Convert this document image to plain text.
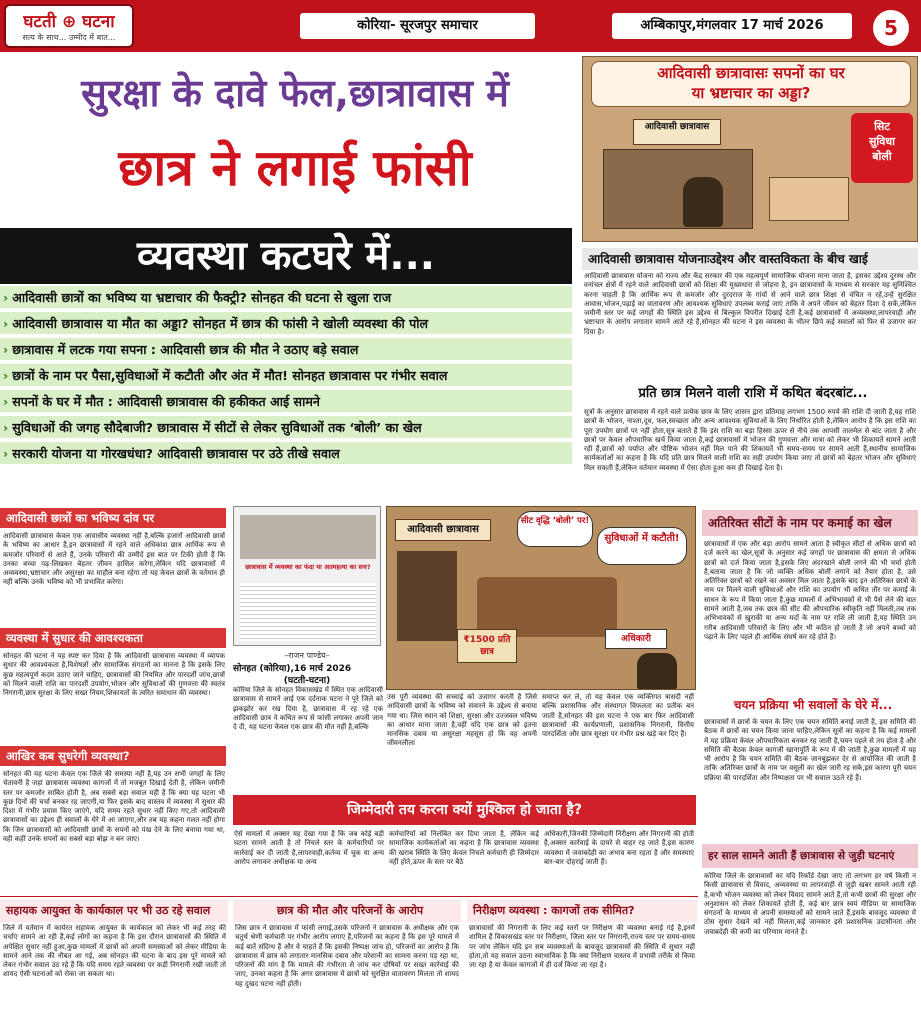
घटती ⊕ घटना
सत्य के साथ... उम्मीद में बात...
कोरिया- सूरजपुर समाचार	अम्बिकापुर,मंगलवार 17 मार्च 2026	5
सुरक्षा के दावे फेल,छात्रावास में
छात्र ने लगाई फांसी
व्यवस्था कटघरे में...
› आदिवासी छात्रों का भविष्य या भ्रष्टाचार की फैक्ट्री? सोनहत की घटना से खुला राज
› आदिवासी छात्रावास या मौत का अड्डा? सोनहत में छात्र की फांसी ने खोली व्यवस्था की पोल
› छात्रावास में लटक गया सपना : आदिवासी छात्र की मौत ने उठाए बड़े सवाल
› छात्रों के नाम पर पैसा,सुविधाओं में कटौती और अंत में मौत! सोनहत छात्रावास पर गंभीर सवाल
› सपनों के घर में मौत : आदिवासी छात्रावास की हकीकत आई सामने
› सुविधाओं की जगह सौदेबाजी? छात्रावास में सीटों से लेकर सुविधाओं तक ‘बोली’ का खेल
› सरकारी योजना या गोरखधंधा? आदिवासी छात्रावास पर उठे तीखे सवाल
आदिवासी छात्रावासः सपनों का घर
या भ्रष्टाचार का अड्डा?
आदिवासी छात्रावास	सिट
सुविधा
बोली
आदिवासी छात्रावास योजनाःउद्देश्य और वास्तविकता के बीच खाई
आदिवासी छात्रावास योजना को राज्य और केंद्र सरकार की एक महत्वपूर्ण सामाजिक योजना माना जाता है, इसका उद्देश्य दुरस्थ और वनांचल क्षेत्रों में रहने वाले आदिवासी छात्रों को शिक्षा की मुख्यधारा से जोड़ना है, इन छात्रावासों के माध्यम से सरकार यह सुनिश्चित करना चाहती है कि आर्थिक रूप से कमजोर और दुरदराज के गांवों से आने वाले छात्र शिक्षा से वंचित न रहें,उन्हें सुरक्षित आवास,भोजन,पढ़ाई का वातावरण और आवश्यक सुविधाएं उपलब्ध कराई जाएं ताकि वे अपने जीवन को बेहतर दिशा दे सकें,लेकिन जमीनी स्तर पर कई जगहों की स्थिति इस उद्देश्य से बिल्कुल विपरीत दिखाई देती है,कई छात्रावासों में अव्यवस्था,लापरवाही और भ्रष्टाचार के आरोप लगातार सामने आते रहे हैं,सोनहत की घटना ने इस व्यवस्था के भीतर छिपे कई सवालों को फिर से उजागर कर दिया है।
प्रति छात्र मिलने वाली राशि में कथित बंदरबांट...
सूत्रों के अनुसार छात्रावास में रहने वाले प्रत्येक छात्र के लिए शासन द्वारा प्रतिमाह लगभग 1500 रुपये की राशि दी जाती है,यह राशि छात्रों के भोजन, नाश्ता,दूध, फल,स्वच्छता और अन्य आवश्यक सुविधाओं के लिए निर्धारित होती है,लेकिन आरोप है कि इस राशि का पूरा उपयोग छात्रों पर नहीं होता,सूत्र बताते हैं कि इस राशि का बड़ा हिस्सा ऊपर से नीचे तक आपसी तालमेल से बांट जाता है और छात्रों पर केवल औपचारिक खर्च किया जाता है,कई छात्रावासों में भोजन की गुणवत्ता और मात्रा को लेकर भी शिकायतें सामने आती रही हैं,छात्रों को पर्याप्त और पौष्टिक भोजन नहीं मिल पाने की शिकायतें भी समय-समय पर सामने आती हैं,स्थानीय सामाजिक कार्यकर्ताओं का कहना है कि यदि प्रति छात्र मिलने वाली राशि का सही उपयोग किया जाए तो छात्रों को बेहतर भोजन और सुविधाएं मिल सकती हैं,लेकिन वर्तमान व्यवस्था में ऐसा होता हुआ कम ही दिखाई देता है।
आदिवासी छात्रों का भविष्य दांव पर
आदिवासी छात्रावास केवल एक आवासीय व्यवस्था नहीं है,बल्कि हजारों आदिवासी छात्रों के भविष्य का आधार है,इन छात्रावासों में रहने वाले अधिकांश छात्र आर्थिक रूप से कमजोर परिवारों से आते हैं, उनके परिवारों की उम्मीदें इस बात पर टिकी होती हैं कि उनका बच्चा पढ़-लिखकर बेहतर जीवन हासिल करेगा,लेकिन यदि छात्रावासों में अव्यवस्था,भ्रष्टाचार और असुरक्षा का माहौल बना रहेगा तो यह केवल छात्रों के वर्तमान ही नहीं बल्कि उनके भविष्य को भी प्रभावित करेगा।
व्यवस्था में सुधार की आवश्यकता
सोनहत की घटना ने यह स्पष्ट कर दिया है कि आदिवासी छात्रावास व्यवस्था में व्यापक सुधार की आवश्यकता है,विशेषज्ञों और सामाजिक संगठनों का मानना है कि इसके लिए कुछ महत्वपूर्ण कदम उठाए जाने चाहिए, छात्रावासों की नियमित और पारदर्शी जांच,छात्रों को मिलने वाली राशि का पारदर्शी उपयोग,भोजन और सुविधाओं की गुणवत्ता की स्वतंत्र निगरानी,छात्र सुरक्षा के लिए सख्त नियम,शिकायतों के त्वरित समाधान की व्यवस्था।
आखिर कब सुधरेगी व्यवस्था?
सोनहत की यह घटना केवल एक जिले की समस्या नहीं है,यह उन सभी जगहों के लिए चेतावनी है जहां छात्रावास व्यवस्था कागजों में तो मजबूत दिखाई देती है, लेकिन जमीनी स्तर पर कमजोर साबित होती है, अब सबसे बड़ा सवाल यही है कि क्या यह घटना भी कुछ दिनों की चर्चा बनकर रह जाएगी,या फिर इसके बाद वास्तव में व्यवस्था में सुधार की दिशा में गंभीर प्रयास किए जाएंगे, यदि समय रहते सुधार नहीं किए गए,तो आदिवासी छात्रावासों का उद्देश्य ही सवालों के घेरे में आ जाएगा,और तब यह कहना गलत नहीं होगा कि जिन छात्रावासों को आदिवासी छात्रों के सपनों को पंख देने के लिए बनाया गया था, वही कहीं उनके सपनों का सबसे बड़ा बोझ न बन जाए।
छात्रावास में व्यवस्था का फंदा या आत्महत्या का सच?
–राजन पाण्डेय–
सोनहत (कोरिया),16 मार्च 2026
(घटती-घटना)
कोरिया जिले के सोनहत विकासखंड में स्थित एक आदिवासी छात्रावास से सामने आई एक दर्दनाक घटना ने पूरे जिले को झकझोर कर रख दिया है, छात्रावास में रह रहे एक आदिवासी छात्र ने कथित रूप से फांसी लगाकर अपनी जान दे दी, यह घटना केवल एक छात्र की मौत नहीं है,बल्कि
आदिवासी छात्रावास
सीट वृद्धि ‘बोली’ पर!
सुविधाओं में कटौती!
₹1500 प्रति छात्र
अधिकारी
उस पूरी व्यवस्था की सच्चाई को उजागर करती है जिसे आदिवासी छात्रों के भविष्य को संवारने के उद्देश्य से बनाया गया था। जिस स्थान को शिक्षा, सुरक्षा और उज्जवल भविष्य का आधार माना जाता है,वहीं यदि एक छात्र को इतना मानसिक दबाव या असुरक्षा महसूस हो कि वह अपनी जीवनलीला
समाप्त कर ले, तो यह केवल एक व्यक्तिगत त्रासदी नहीं बल्कि प्रशासनिक और संस्थागत विफलता का प्रतीक बन जाती है,सोनहत की इस घटना ने एक बार फिर आदिवासी छात्रावासों की कार्यप्रणाली, प्रशासनिक निगरानी, वित्तीय पारदर्शिता और छात्र सुरक्षा पर गंभीर प्रश्न खड़े कर दिए हैं।
जिम्मेदारी तय करना क्यों मुश्किल हो जाता है?
ऐसे मामलों में अक्सर यह देखा गया है कि जब कोई बड़ी घटना सामने आती है तो निचले स्तर के कर्मचारियों पर कार्रवाई कर दी जाती है,लापरवाही,कर्तव्य में चूक या अन्य आरोप लगाकर अधीक्षक या अन्य
कर्मचारियों को निलंबित कर दिया जाता है, लेकिन कई सामाजिक कार्यकर्ताओं का कहना है कि छात्रावास व्यवस्था की खराब स्थिति के लिए केवल निचले कर्मचारी ही जिम्मेदार नहीं होते,ऊपर के स्तर पर बैठे
अधिकारी,जिनकी जिम्मेदारी निरीक्षण और निगरानी की होती है,अक्सर कार्रवाई के दायरे से बाहर रह जाते हैं,इस कारण व्यवस्था में जवाबदेही का अभाव बना रहता है और समस्याएं बार-बार दोहराई जाती हैं।
अतिरिक्त सीटों के नाम पर कमाई का खेल
छात्रावासों में एक और बड़ा आरोप सामने आता है स्वीकृत सीटों से अधिक छात्रों को दर्ज करने का खेल,सूत्रों के अनुसार कई जगहों पर छात्रावास की क्षमता से अधिक छात्रों को दर्ज किया जाता है,इसके लिए अंदरखाने बोली लगने की भी चर्चा होती है,बताया जाता है कि जो व्यक्ति अधिक बोली लगाने को तैयार होता है, उसे अतिरिक्त छात्रों को रखने का अवसर मिल जाता है,इसके बाद इन अतिरिक्त छात्रों के नाम पर मिलने वाली सुविधाओं और राशि का उपयोग भी कथित तौर पर कमाई के साधन के रूप में किया जाता है,कुछ मामलों में अभिभावकों से भी पैसे लेने की बात सामने आती है,जब तक छात्र की सीट की औपचारिक स्वीकृति नहीं मिलती,तब तक अभिभावकों से खुराकी या अन्य मदों के नाम पर राशि ली जाती है,यह स्थिति उन गरीब आदिवासी परिवारों के लिए और भी कठिन हो जाती है जो अपने बच्चों को पढ़ाने के लिए पहले ही आर्थिक संघर्ष कर रहे होते हैं।
चयन प्रक्रिया भी सवालों के घेरे में...
छात्रावासों में छात्रों के चयन के लिए एक चयन समिति बनाई जाती है, इस समिति की बैठक में छात्रों का चयन किया जाना चाहिए,लेकिन सूत्रों का कहना है कि कई मामलों में यह प्रक्रिया केवल औपचारिकता बनकर रह जाती है,चयन पहले से तय होता है और समिति की बैठक केवल कागजी खानापूर्ति के रूप में की जाती है,कुछ मामलों में यह भी आरोप है कि चयन समिति की बैठक जानबूझकर देर से आयोजित की जाती है ताकि अतिरिक्त छात्रों के नाम पर वसूली का खेल जारी रह सके,इस कारण पूरी चयन प्रक्रिया की पारदर्शिता और निष्पक्षता पर भी सवाल उठते रहे हैं।
हर साल सामने आती हैं छात्रावास से जुड़ी घटनाएं
कोरिया जिले के छात्रावासों का यदि रिकॉर्ड देखा जाए तो लगभग हर वर्ष किसी न किसी छात्रावास से विवाद, अव्यवस्था या लापरवाही से जुड़ी खबर सामने आती रही है,कभी भोजन व्यवस्था को लेकर विवाद सामने आते हैं,तो कभी छात्रों की सुरक्षा और अनुशासन को लेकर शिकायतें होती हैं, कई बार छात्र स्वयं मीडिया या सामाजिक संगठनों के माध्यम से अपनी समस्याओं को सामने लाते हैं,इसके बावजूद व्यवस्था में ठोस सुधार देखने को नहीं मिलता,कई जानकार इसे प्रशासनिक उदासीनता और जवाबदेही की कमी का परिणाम मानते हैं।
सहायक आयुक्त के कार्यकाल पर भी उठ रहे सवाल
जिले में वर्तमान में कार्यरत सहायक आयुक्त के कार्यकाल को लेकर भी कई तरह की चर्चाएं सामने आ रही हैं,कई लोगों का कहना है कि इस दौरान छात्रावासों की स्थिति में अपेक्षित सुधार नहीं हुआ,कुछ मामलों में छात्रों को अपनी समस्याओं को लेकर मीडिया के सामने आने तक की नौबत आ गई, अब सोनहत की घटना के बाद इस पूरे मामले को लेकर गंभीर सवाल उठ रहे हैं कि यदि समय रहते व्यवस्था पर कड़ी निगरानी रखी जाती तो शायद ऐसी घटनाओं को रोका जा सकता था।
छात्र की मौत और परिजनों के आरोप
जिस छात्र ने छात्रावास में फांसी लगाई,उसके परिजनों ने छात्रावास के अधीक्षक और एक चतुर्थ श्रेणी कर्मचारी पर गंभीर आरोप लगाए हैं,परिजनों का कहना है कि इस पूरे मामले में कई बातें संदिग्ध हैं और वे चाहते हैं कि इसकी निष्पक्ष जांच हो, परिजनों का आरोप है कि छात्रावास में छात्र को लगातार मानसिक दबाव और परेशानी का सामना करना पड़ रहा था, परिजनों की मांग है कि मामले की गंभीरता से जांच कर दोषियों पर सख्त कार्रवाई की जाए, उनका कहना है कि अगर छात्रावास में छात्रों को सुरक्षित वातावरण मिलता तो शायद यह दुखद घटना नहीं होती।
निरीक्षण व्यवस्था : कागजों तक सीमित?
छात्रावासों की निगरानी के लिए कई स्तरों पर निरीक्षण की व्यवस्था बनाई गई है,इनमें शामिल हैं विकासखंड स्तर पर निरीक्षण, जिला स्तर पर निगरानी,राज्य स्तर पर समय-समय पर जांच लेकिन यदि इन सब व्यवस्थाओं के बावजूद छात्रावासों की स्थिति में सुधार नहीं होता,तो यह सवाल उठना स्वाभाविक है कि क्या निरीक्षण वास्तव में प्रभावी तरीके से किया जा रहा है या केवल कागजों में ही दर्ज किया जा रहा है।
